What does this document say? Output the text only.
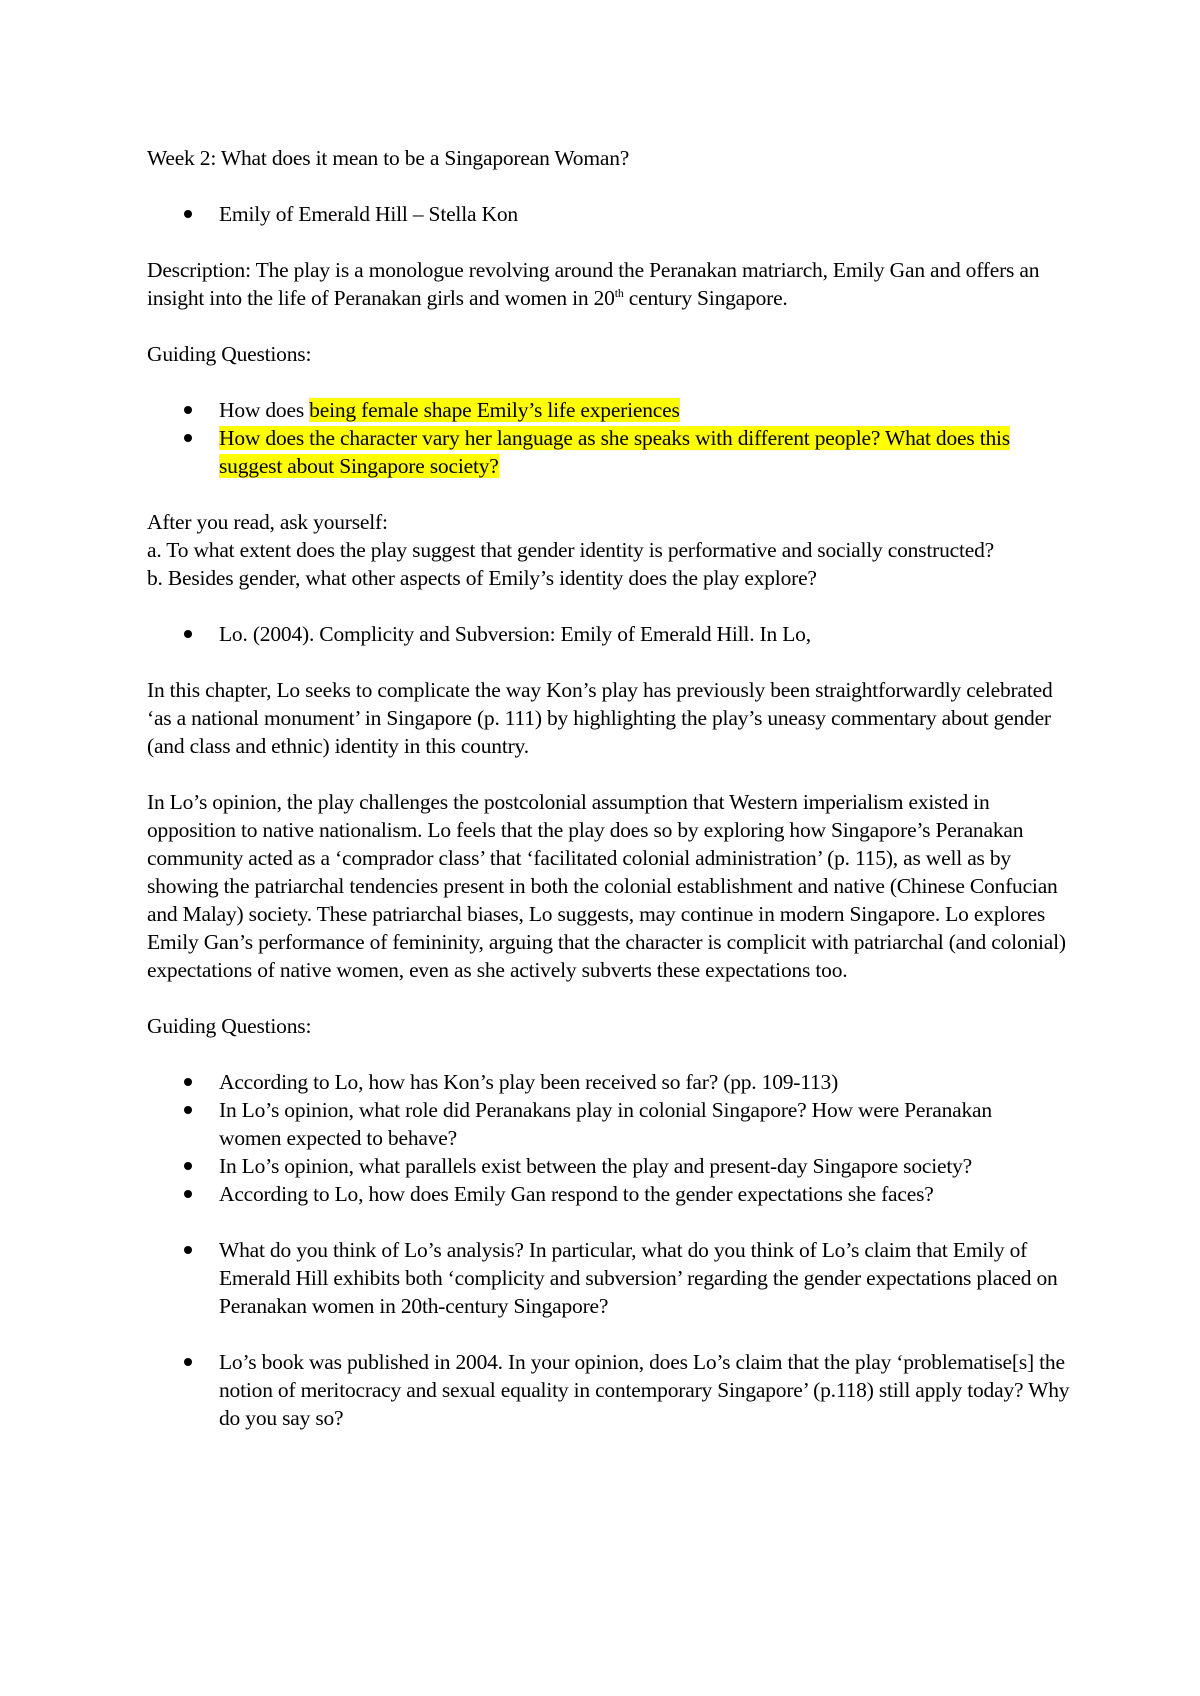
Week 2: What does it mean to be a Singaporean Woman?

Emily of Emerald Hill – Stella Kon

Description: The play is a monologue revolving around the Peranakan matriarch, Emily Gan and offers an insight into the life of Peranakan girls and women in 20th century Singapore.

Guiding Questions:

How does being female shape Emily’s life experiences
How does the character vary her language as she speaks with different people? What does this suggest about Singapore society?

After you read, ask yourself:

a. To what extent does the play suggest that gender identity is performative and socially constructed?

b. Besides gender, what other aspects of Emily’s identity does the play explore?

Lo. (2004). Complicity and Subversion: Emily of Emerald Hill. In Lo,

In this chapter, Lo seeks to complicate the way Kon’s play has previously been straightforwardly celebrated ‘as a national monument’ in Singapore (p. 111) by highlighting the play’s uneasy commentary about gender (and class and ethnic) identity in this country.

In Lo’s opinion, the play challenges the postcolonial assumption that Western imperialism existed in opposition to native nationalism. Lo feels that the play does so by exploring how Singapore’s Peranakan community acted as a ‘comprador class’ that ‘facilitated colonial administration’ (p. 115), as well as by showing the patriarchal tendencies present in both the colonial establishment and native (Chinese Confucian and Malay) society. These patriarchal biases, Lo suggests, may continue in modern Singapore. Lo explores Emily Gan’s performance of femininity, arguing that the character is complicit with patriarchal (and colonial) expectations of native women, even as she actively subverts these expectations too.

Guiding Questions:

According to Lo, how has Kon’s play been received so far? (pp. 109-113)
In Lo’s opinion, what role did Peranakans play in colonial Singapore? How were Peranakan
women expected to behave?
In Lo’s opinion, what parallels exist between the play and present-day Singapore society?
According to Lo, how does Emily Gan respond to the gender expectations she faces?
What do you think of Lo’s analysis? In particular, what do you think of Lo’s claim that Emily of Emerald Hill exhibits both ‘complicity and subversion’ regarding the gender expectations placed on Peranakan women in 20th-century Singapore?
Lo’s book was published in 2004. In your opinion, does Lo’s claim that the play ‘problematise[s] the notion of meritocracy and sexual equality in contemporary Singapore’ (p.118) still apply today? Why do you say so?
